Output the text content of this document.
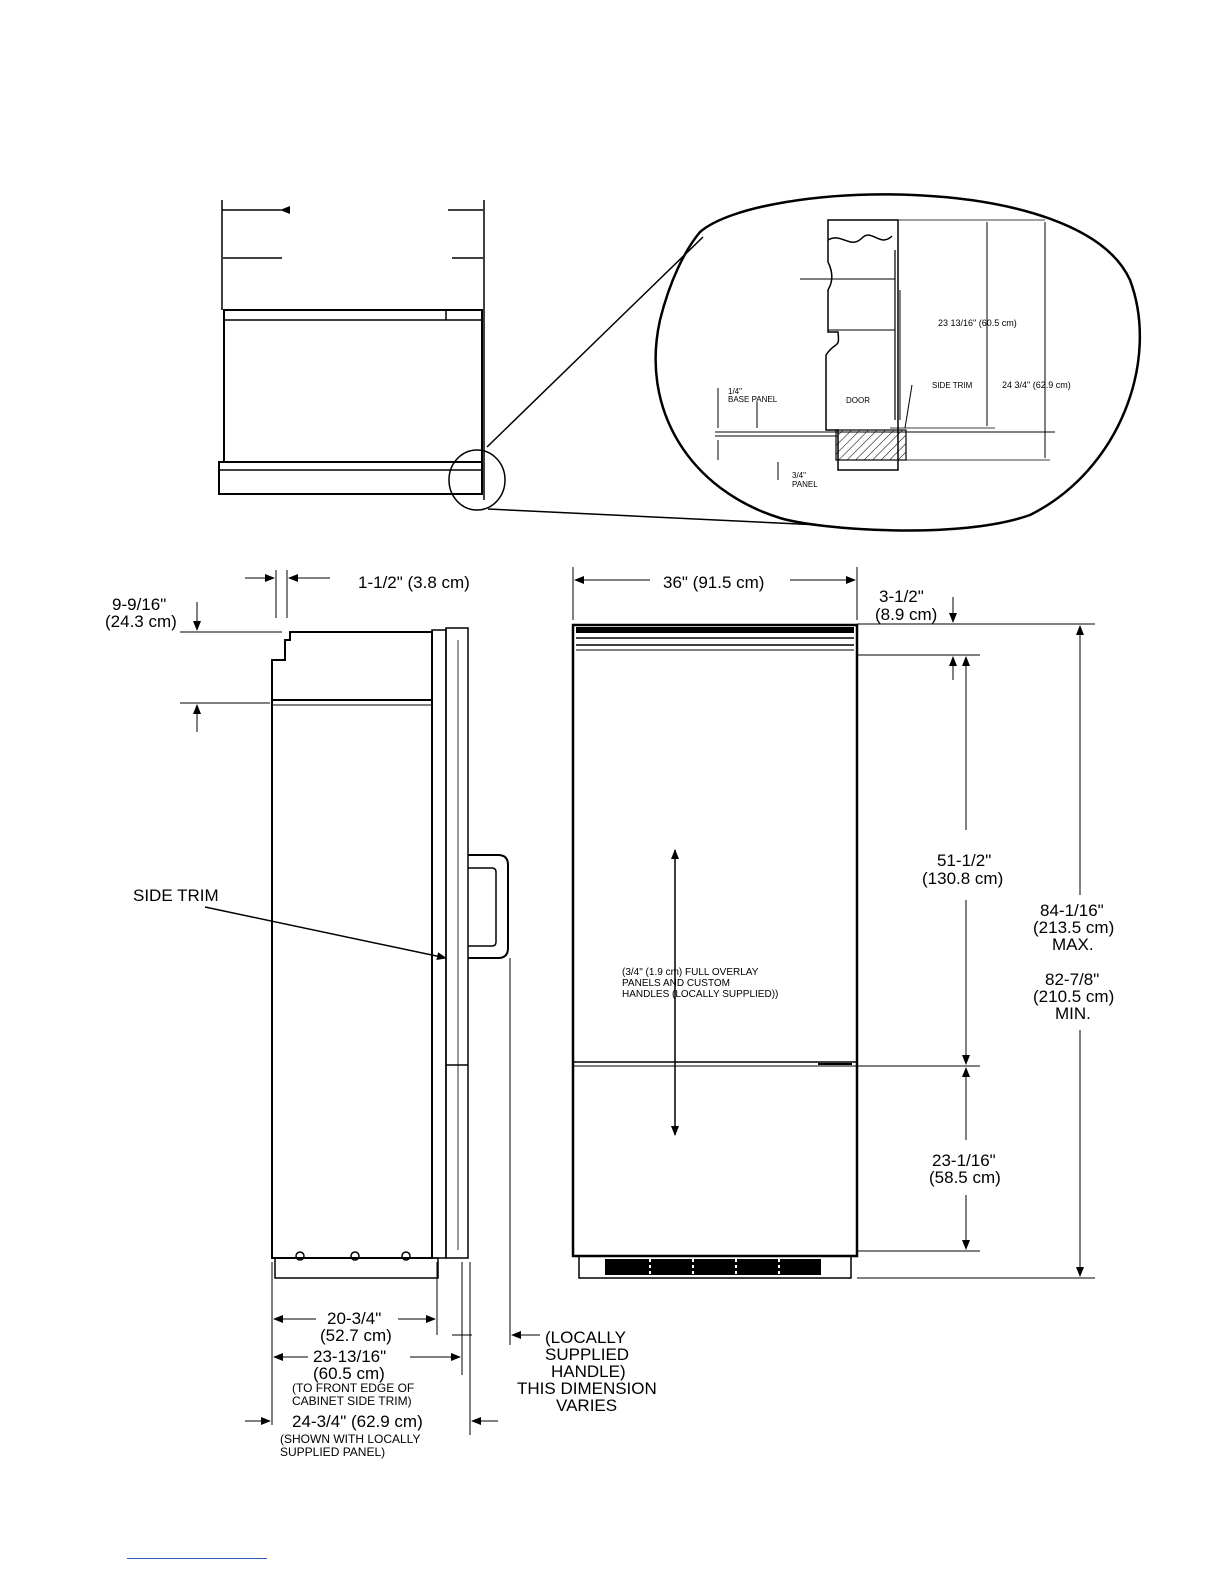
23 13/16" (60.5 cm)
24 3/4" (62.9 cm)
SIDE TRIM
DOOR
1/4"
BASE PANEL
3/4"
PANEL
1-1/2" (3.8 cm)
9-9/16"
(24.3 cm)
SIDE TRIM
20-3/4"
(52.7 cm)
23-13/16"
(60.5 cm)
(TO FRONT EDGE OF
CABINET SIDE TRIM)
24-3/4" (62.9 cm)
(SHOWN WITH LOCALLY
SUPPLIED PANEL)
(LOCALLY
SUPPLIED
HANDLE)
THIS DIMENSION
VARIES
36" (91.5 cm)
3-1/2"
(8.9 cm)
51-1/2"
(130.8 cm)
84-1/16"
(213.5 cm)
MAX.
82-7/8"
(210.5 cm)
MIN.
23-1/16"
(58.5 cm)
(3/4" (1.9 cm) FULL OVERLAY
PANELS AND CUSTOM
HANDLES (LOCALLY SUPPLIED))
